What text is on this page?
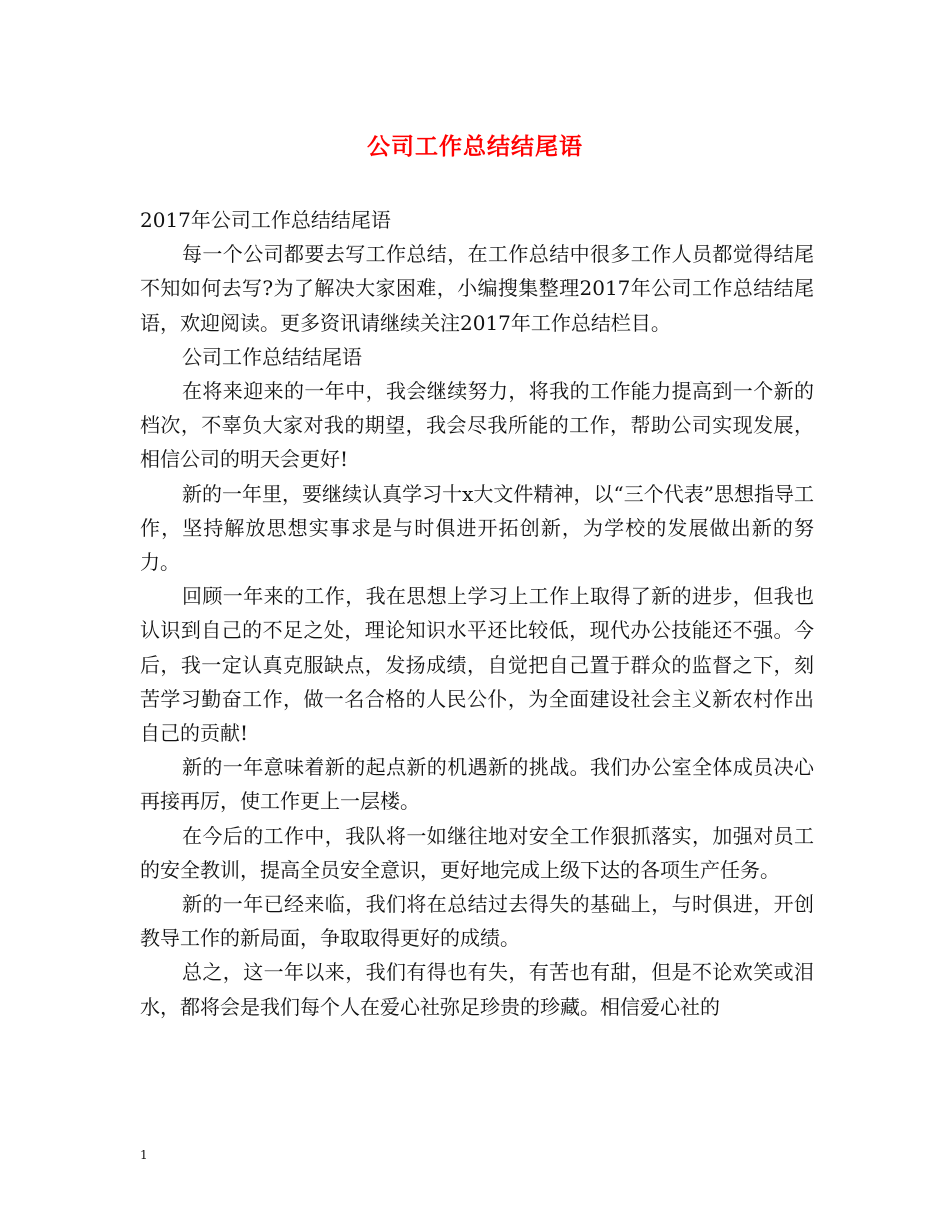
公司工作总结结尾语

2017年公司工作总结结尾语

每一个公司都要去写工作总结，在工作总结中很多工作人员都觉得结尾不知如何去写?为了解决大家困难，小编搜集整理2017年公司工作总结结尾语，欢迎阅读。更多资讯请继续关注2017年工作总结栏目。

公司工作总结结尾语

在将来迎来的一年中，我会继续努力，将我的工作能力提高到一个新的档次，不辜负大家对我的期望，我会尽我所能的工作，帮助公司实现发展，相信公司的明天会更好!

新的一年里，要继续认真学习十x大文件精神，以“三个代表”思想指导工作，坚持解放思想实事求是与时俱进开拓创新，为学校的发展做出新的努力。

回顾一年来的工作，我在思想上学习上工作上取得了新的进步，但我也认识到自己的不足之处，理论知识水平还比较低，现代办公技能还不强。今后，我一定认真克服缺点，发扬成绩，自觉把自己置于群众的监督之下，刻苦学习勤奋工作，做一名合格的人民公仆，为全面建设社会主义新农村作出自己的贡献!

新的一年意味着新的起点新的机遇新的挑战。我们办公室全体成员决心再接再厉，使工作更上一层楼。

在今后的工作中，我队将一如继往地对安全工作狠抓落实，加强对员工的安全教训，提高全员安全意识，更好地完成上级下达的各项生产任务。

新的一年已经来临，我们将在总结过去得失的基础上，与时俱进，开创教导工作的新局面，争取取得更好的成绩。

总之，这一年以来，我们有得也有失，有苦也有甜，但是不论欢笑或泪水，都将会是我们每个人在爱心社弥足珍贵的珍藏。相信爱心社的

1
